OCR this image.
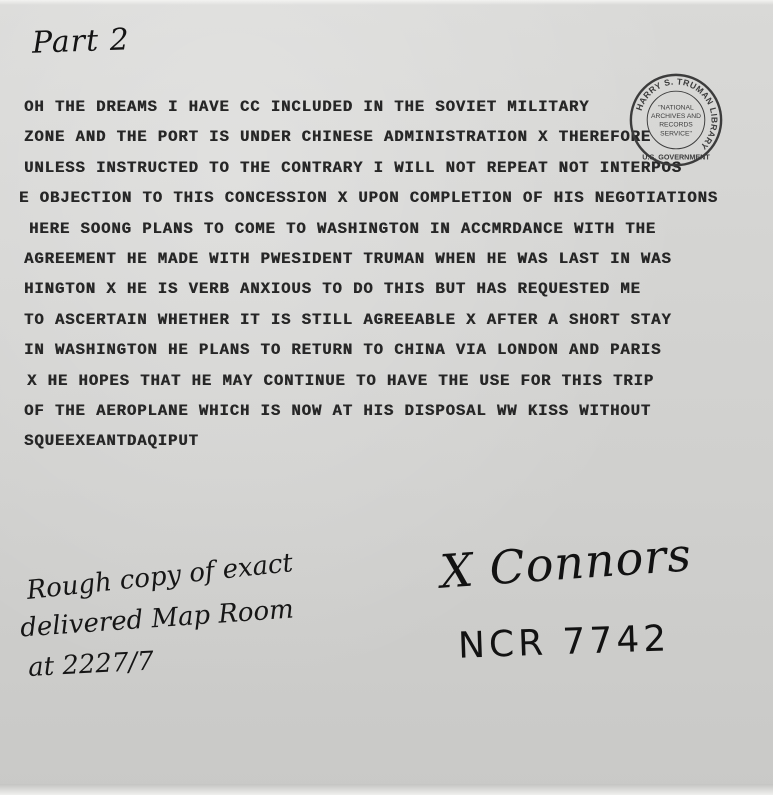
Part 2
OH THE DREAMS I HAVE CC INCLUDED IN THE SOVIET MILITARY
ZONE AND THE PORT IS UNDER CHINESE ADMINISTRATION X THEREFORE
UNLESS INSTRUCTED TO THE CONTRARY I WILL NOT REPEAT NOT INTERPOS
E OBJECTION TO THIS CONCESSION X UPON COMPLETION OF HIS NEGOTIATIONS
HERE SOONG PLANS TO COME TO WASHINGTON IN ACCMRDANCE WITH THE
AGREEMENT HE MADE WITH PWESIDENT TRUMAN WHEN HE WAS LAST IN WAS
HINGTON X HE IS VERB ANXIOUS TO DO THIS BUT HAS REQUESTED ME
TO ASCERTAIN WHETHER IT IS STILL AGREEABLE X AFTER A SHORT STAY
IN WASHINGTON HE PLANS TO RETURN TO CHINA VIA LONDON AND PARIS
X HE HOPES THAT HE MAY CONTINUE TO HAVE THE USE FOR THIS TRIP
OF THE AEROPLANE WHICH IS NOW AT HIS DISPOSAL WW KISS WITHOUT
SQUEEXEANTDAQIPUT
HARRY S. TRUMAN LIBRARY
"NATIONAL
ARCHIVES AND
RECORDS
SERVICE"
U.S. GOVERNMENT
Rough copy of exact
delivered Map Room
at 2227/7
X Connors
NCR 7742
